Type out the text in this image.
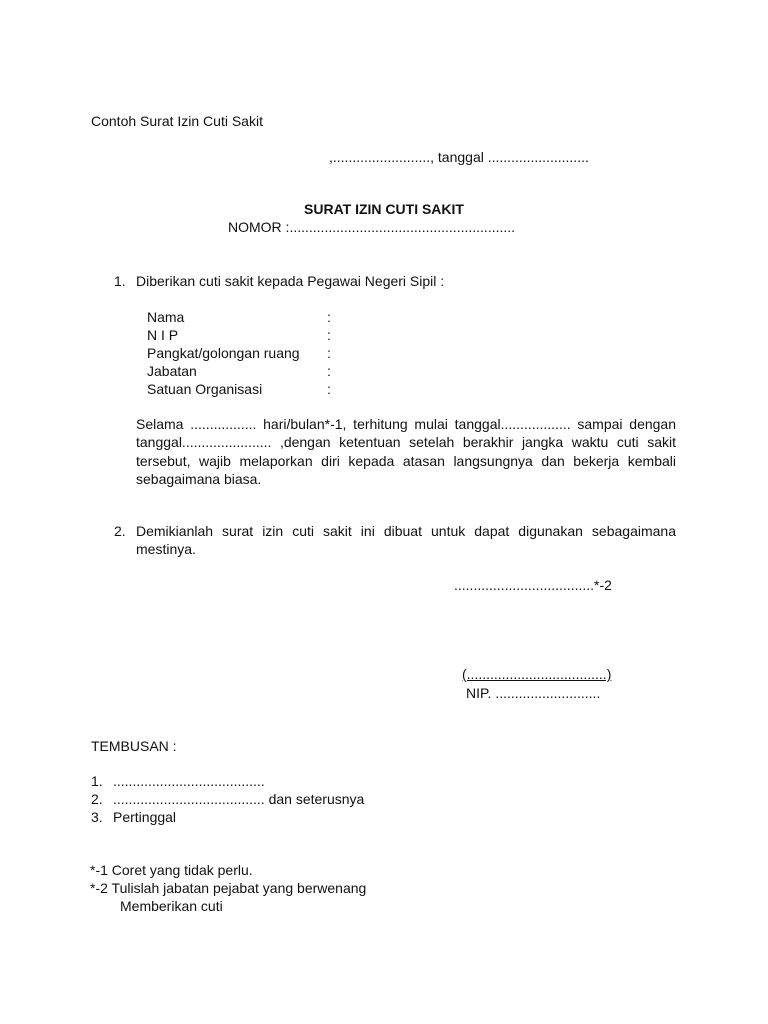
Contoh Surat Izin Cuti Sakit
,........................., tanggal ..........................
SURAT IZIN CUTI SAKIT
NOMOR :..........................................................
1. Diberikan cuti sakit kepada Pegawai Negeri Sipil :
Nama	:
N I P	:
Pangkat/golongan ruang :
Jabatan	:
Satuan Organisasi	:
Selama ................. hari/bulan*-1, terhitung mulai tanggal.................. sampai dengan tanggal....................... ,dengan ketentuan setelah berakhir jangka waktu cuti sakit tersebut, wajib melaporkan diri kepada atasan langsungnya dan bekerja kembali sebagaimana biasa.
2. Demikianlah surat izin cuti sakit ini dibuat untuk dapat digunakan sebagaimana mestinya.
....................................*-2
(....................................)
NIP. ...........................
TEMBUSAN :
1. .......................................
2. ....................................... dan seterusnya
3. Pertinggal
*-1 Coret yang tidak perlu.
*-2 Tulislah jabatan pejabat yang berwenang
Memberikan cuti
